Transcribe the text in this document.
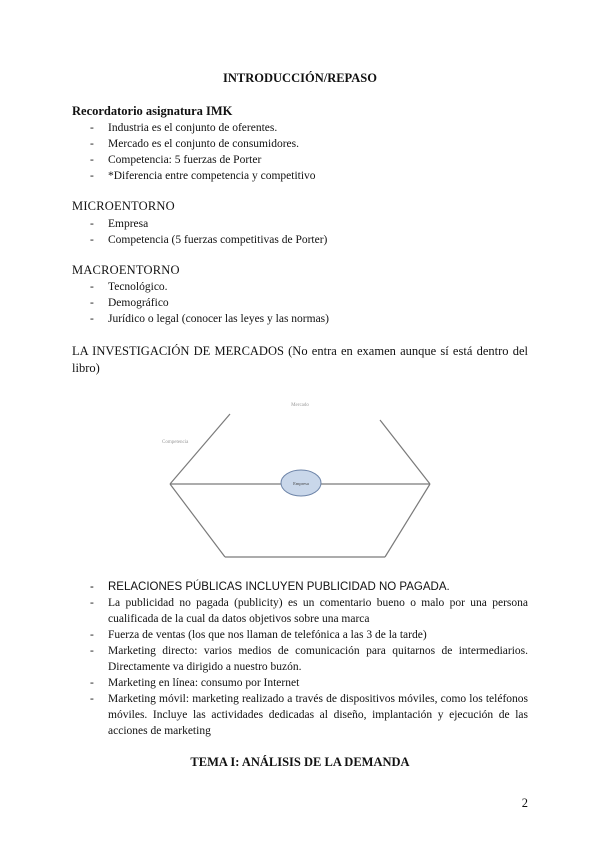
INTRODUCCIÓN/REPASO
Recordatorio asignatura IMK
- Industria es el conjunto de oferentes.
- Mercado es el conjunto de consumidores.
- Competencia: 5 fuerzas de Porter
- *Diferencia entre competencia y competitivo
MICROENTORNO
- Empresa
- Competencia (5 fuerzas competitivas de Porter)
MACROENTORNO
- Tecnológico.
- Demográfico
- Jurídico o legal (conocer las leyes y las normas)
LA INVESTIGACIÓN DE MERCADOS (No entra en examen aunque sí está dentro del libro)
Mercado
Competencia
Empresa
- RELACIONES PÚBLICAS INCLUYEN PUBLICIDAD NO PAGADA.
- La publicidad no pagada (publicity) es un comentario bueno o malo por una persona cualificada de la cual da datos objetivos sobre una marca
- Fuerza de ventas (los que nos llaman de telefónica a las 3 de la tarde)
- Marketing directo: varios medios de comunicación para quitarnos de intermediarios. Directamente va dirigido a nuestro buzón.
- Marketing en línea: consumo por Internet
- Marketing móvil: marketing realizado a través de dispositivos móviles, como los teléfonos móviles. Incluye las actividades dedicadas al diseño, implantación y ejecución de las acciones de marketing
TEMA I: ANÁLISIS DE LA DEMANDA
2
